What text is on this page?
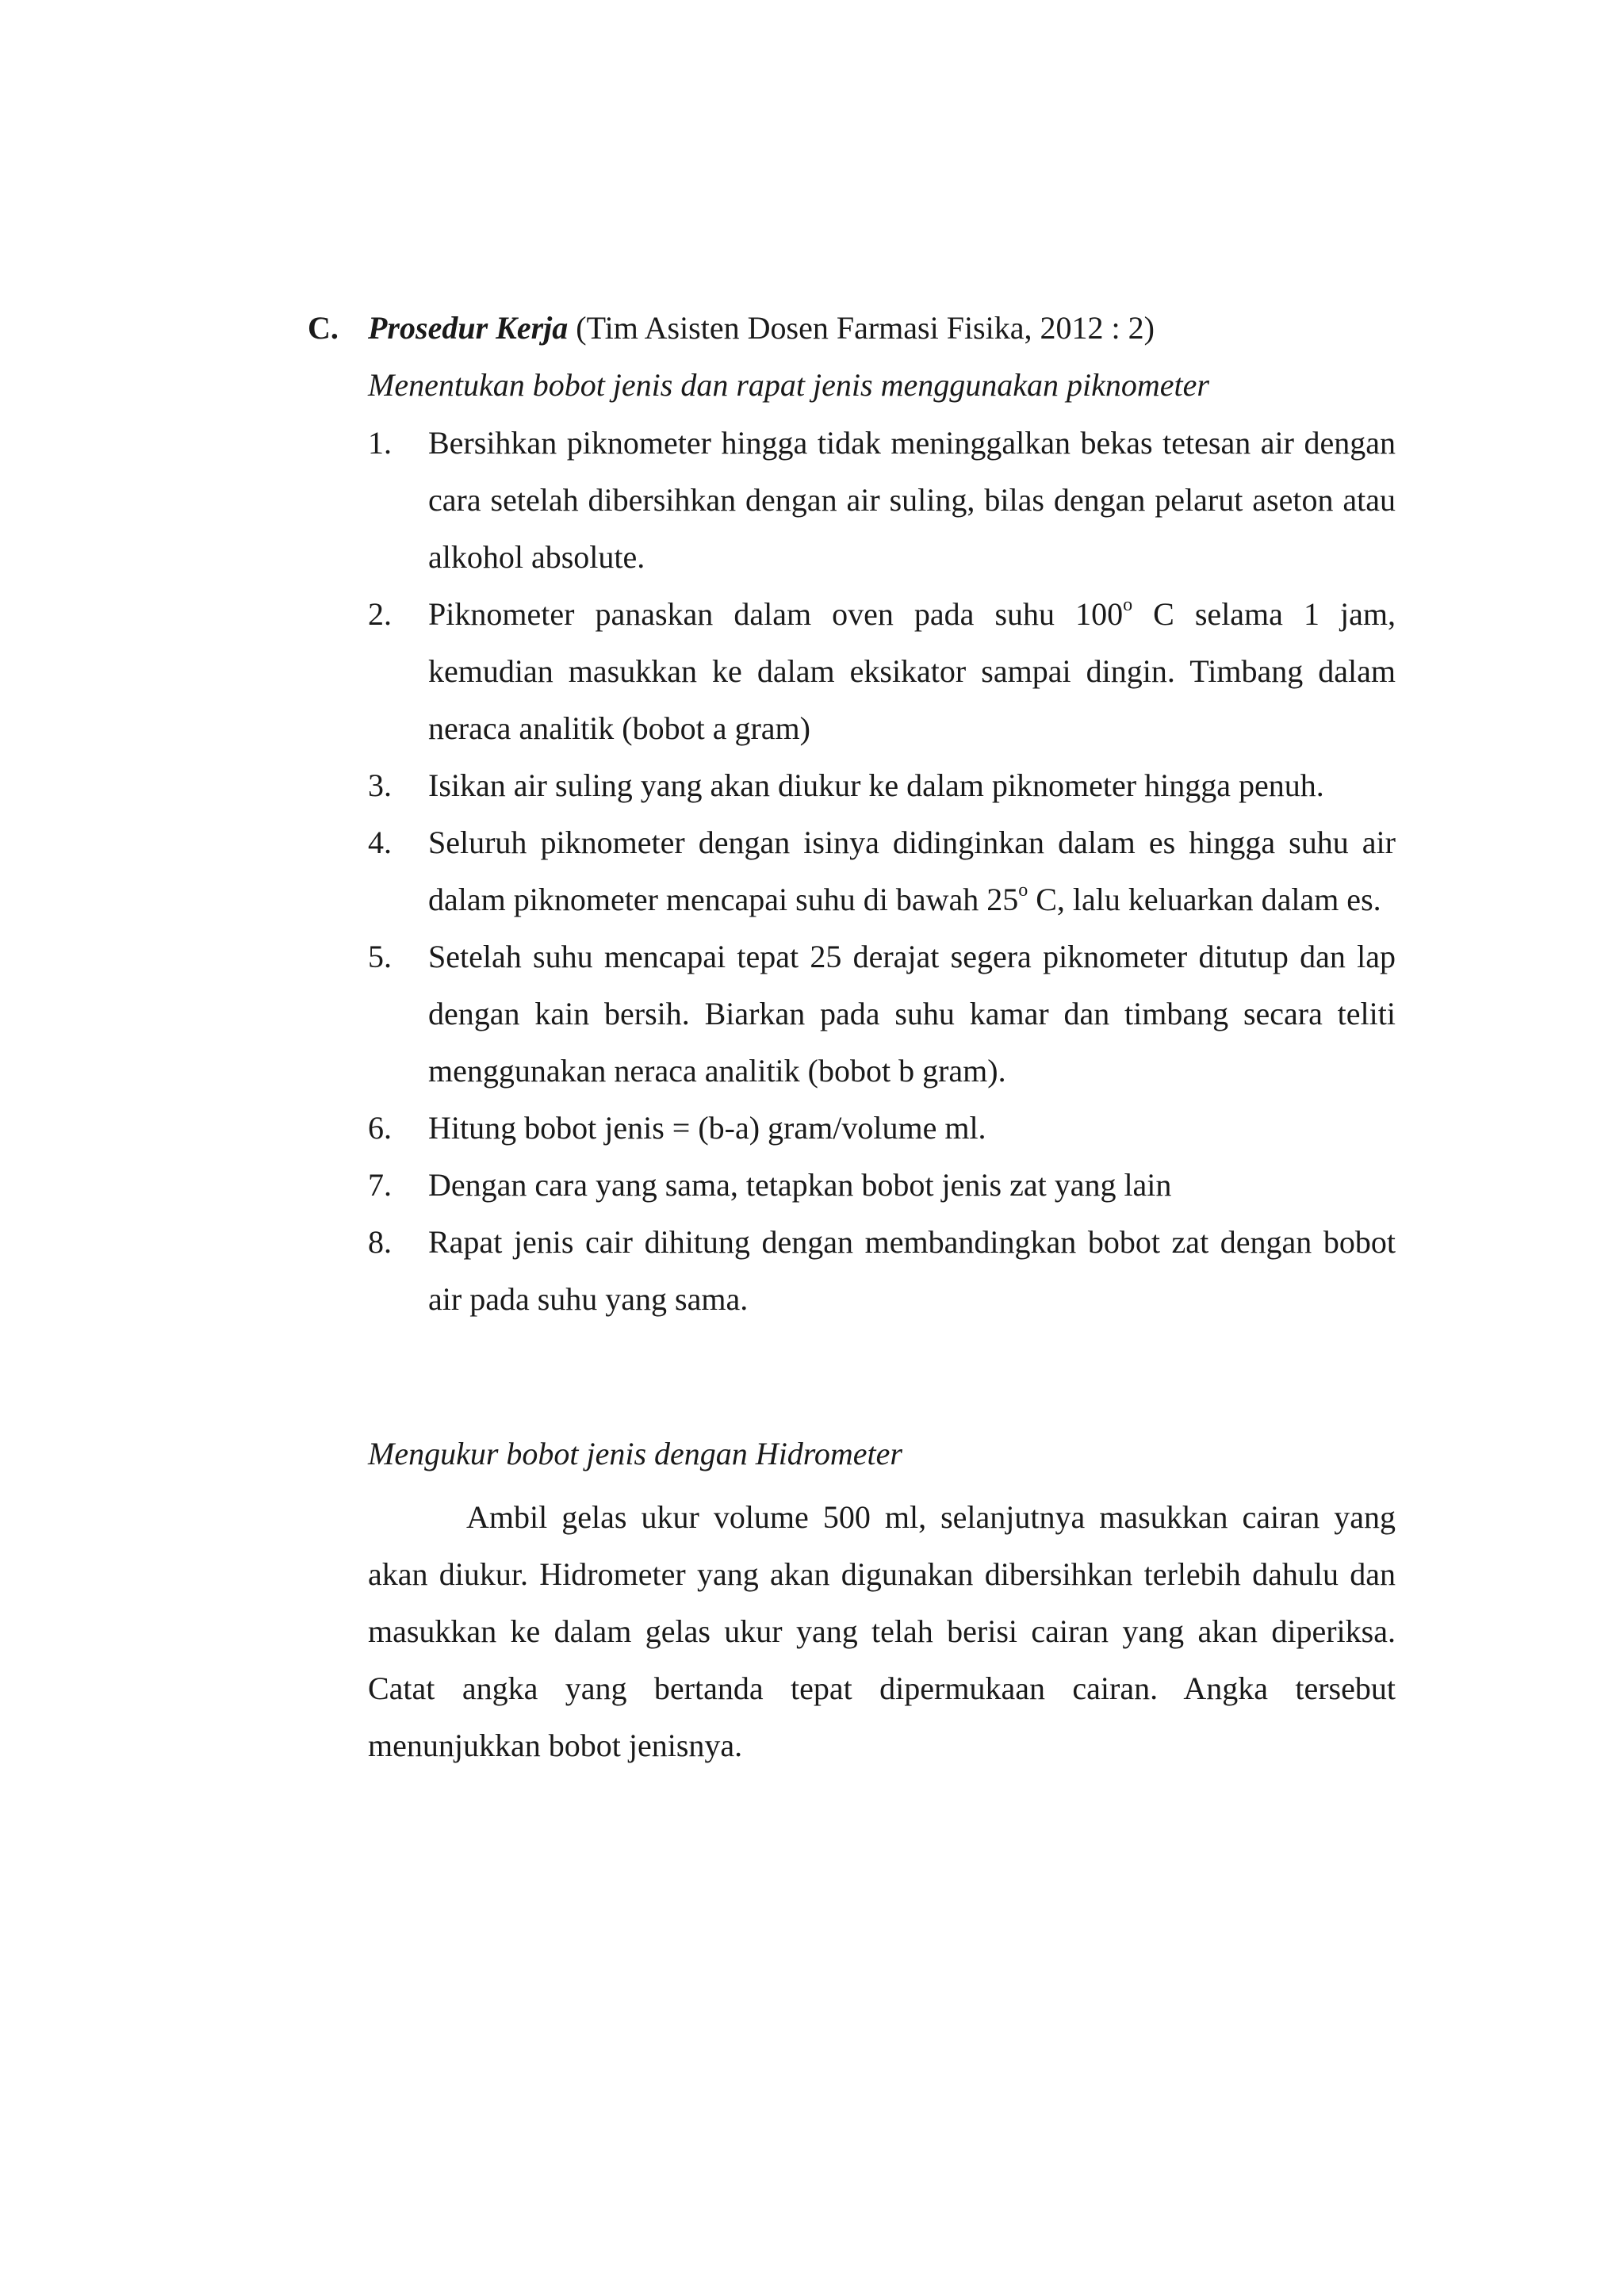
C. Prosedur Kerja (Tim Asisten Dosen Farmasi Fisika, 2012 : 2)
Menentukan bobot jenis dan rapat jenis menggunakan piknometer
1.	Bersihkan piknometer hingga tidak meninggalkan bekas tetesan air dengan cara setelah dibersihkan dengan air suling, bilas dengan pelarut aseton atau alkohol absolute.
2.	Piknometer panaskan dalam oven pada suhu 100$^o$ C selama 1 jam, kemudian masukkan ke dalam eksikator sampai dingin. Timbang dalam neraca analitik (bobot a gram)
3.	Isikan air suling yang akan diukur ke dalam piknometer hingga penuh.
4.	Seluruh piknometer dengan isinya didinginkan dalam es hingga suhu air dalam piknometer mencapai suhu di bawah 25$^o$ C, lalu keluarkan dalam es.
5.	Setelah suhu mencapai tepat 25 derajat segera piknometer ditutup dan lap dengan kain bersih. Biarkan pada suhu kamar dan timbang secara teliti menggunakan neraca analitik (bobot b gram).
6.	Hitung bobot jenis = (b-a) gram/volume ml.
7.	Dengan cara yang sama, tetapkan bobot jenis zat yang lain
8.	Rapat jenis cair dihitung dengan membandingkan bobot zat dengan bobot air pada suhu yang sama.
Mengukur bobot jenis dengan Hidrometer

Ambil gelas ukur volume 500 ml, selanjutnya masukkan cairan yang akan diukur. Hidrometer yang akan digunakan dibersihkan terlebih dahulu dan masukkan ke dalam gelas ukur yang telah berisi cairan yang akan diperiksa. Catat angka yang bertanda tepat dipermukaan cairan. Angka tersebut menunjukkan bobot jenisnya.
